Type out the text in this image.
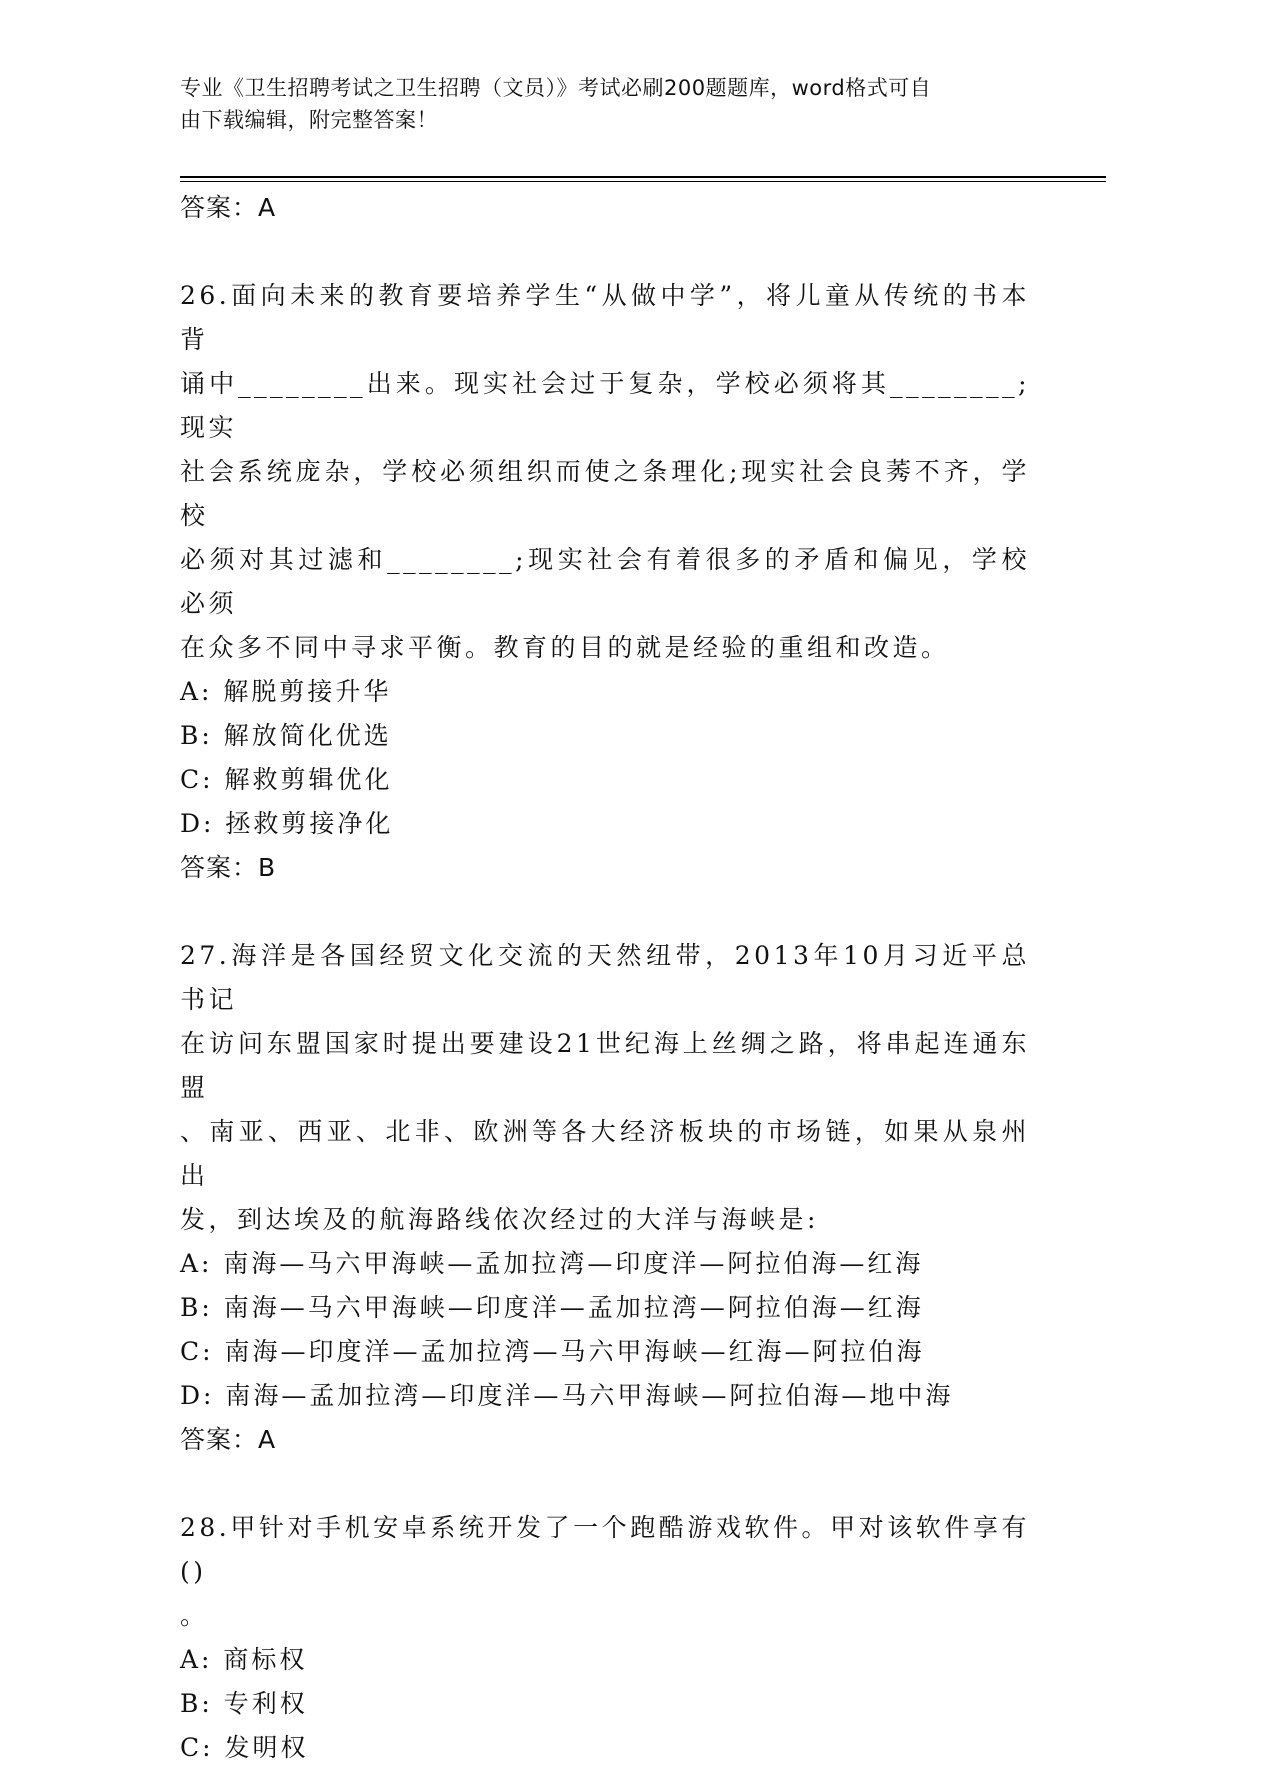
专业《卫生招聘考试之卫生招聘（文员）》考试必刷200题题库，word格式可自
由下载编辑，附完整答案！

答案：A

26.面向未来的教育要培养学生“从做中学”，将儿童从传统的书本背

诵中________出来。现实社会过于复杂，学校必须将其________;现实

社会系统庞杂，学校必须组织而使之条理化;现实社会良莠不齐，学校

必须对其过滤和________;现实社会有着很多的矛盾和偏见，学校必须

在众多不同中寻求平衡。教育的目的就是经验的重组和改造。

A: 解脱剪接升华

B: 解放简化优选

C: 解救剪辑优化

D: 拯救剪接净化

答案：B

27.海洋是各国经贸文化交流的天然纽带，2013年10月习近平总书记

在访问东盟国家时提出要建设21世纪海上丝绸之路，将串起连通东盟

、南亚、西亚、北非、欧洲等各大经济板块的市场链，如果从泉州出

发，到达埃及的航海路线依次经过的大洋与海峡是:

A: 南海—马六甲海峡—孟加拉湾—印度洋—阿拉伯海—红海

B: 南海—马六甲海峡—印度洋—孟加拉湾—阿拉伯海—红海

C: 南海—印度洋—孟加拉湾—马六甲海峡—红海—阿拉伯海

D: 南海—孟加拉湾—印度洋—马六甲海峡—阿拉伯海—地中海

答案：A

28.甲针对手机安卓系统开发了一个跑酷游戏软件。甲对该软件享有()

。

A: 商标权

B: 专利权

C: 发明权
